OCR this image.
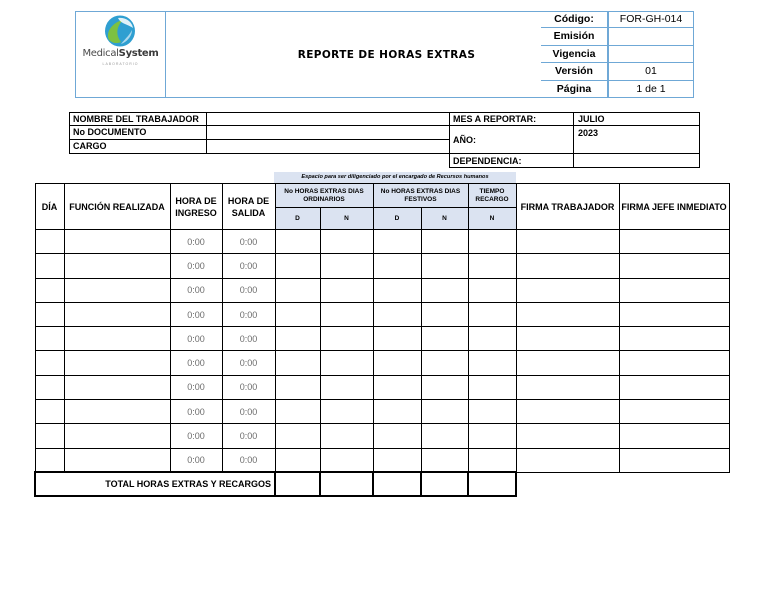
MedicalSystem
LABORATORIO
REPORTE DE HORAS EXTRAS
Código:	FOR-GH-014
Emisión
Vigencia
Versión	01
Página	1 de 1
NOMBRE DEL TRABAJADOR
No DOCUMENTO
CARGO
MES A REPORTAR:	JULIO
AÑO:
2023
DEPENDENCIA:
Espacio para ser diligenciado por el encargado de Recursos humanos
DÍA	FUNCIÓN REALIZADA	HORA DE INGRESO	HORA DE SALIDA	No HORAS EXTRAS DIAS ORDINARIOS		No HORAS EXTRAS DIAS FESTIVOS		TIEMPO RECARGO	FIRMA TRABAJADOR	FIRMA JEFE INMEDIATO
				D	N	D	N	N		
		0:00	0:00							
		0:00	0:00							
		0:00	0:00							
		0:00	0:00							
		0:00	0:00							
		0:00	0:00							
		0:00	0:00							
		0:00	0:00							
		0:00	0:00							
		0:00	0:00							
TOTAL HORAS EXTRAS Y RECARGOS										
